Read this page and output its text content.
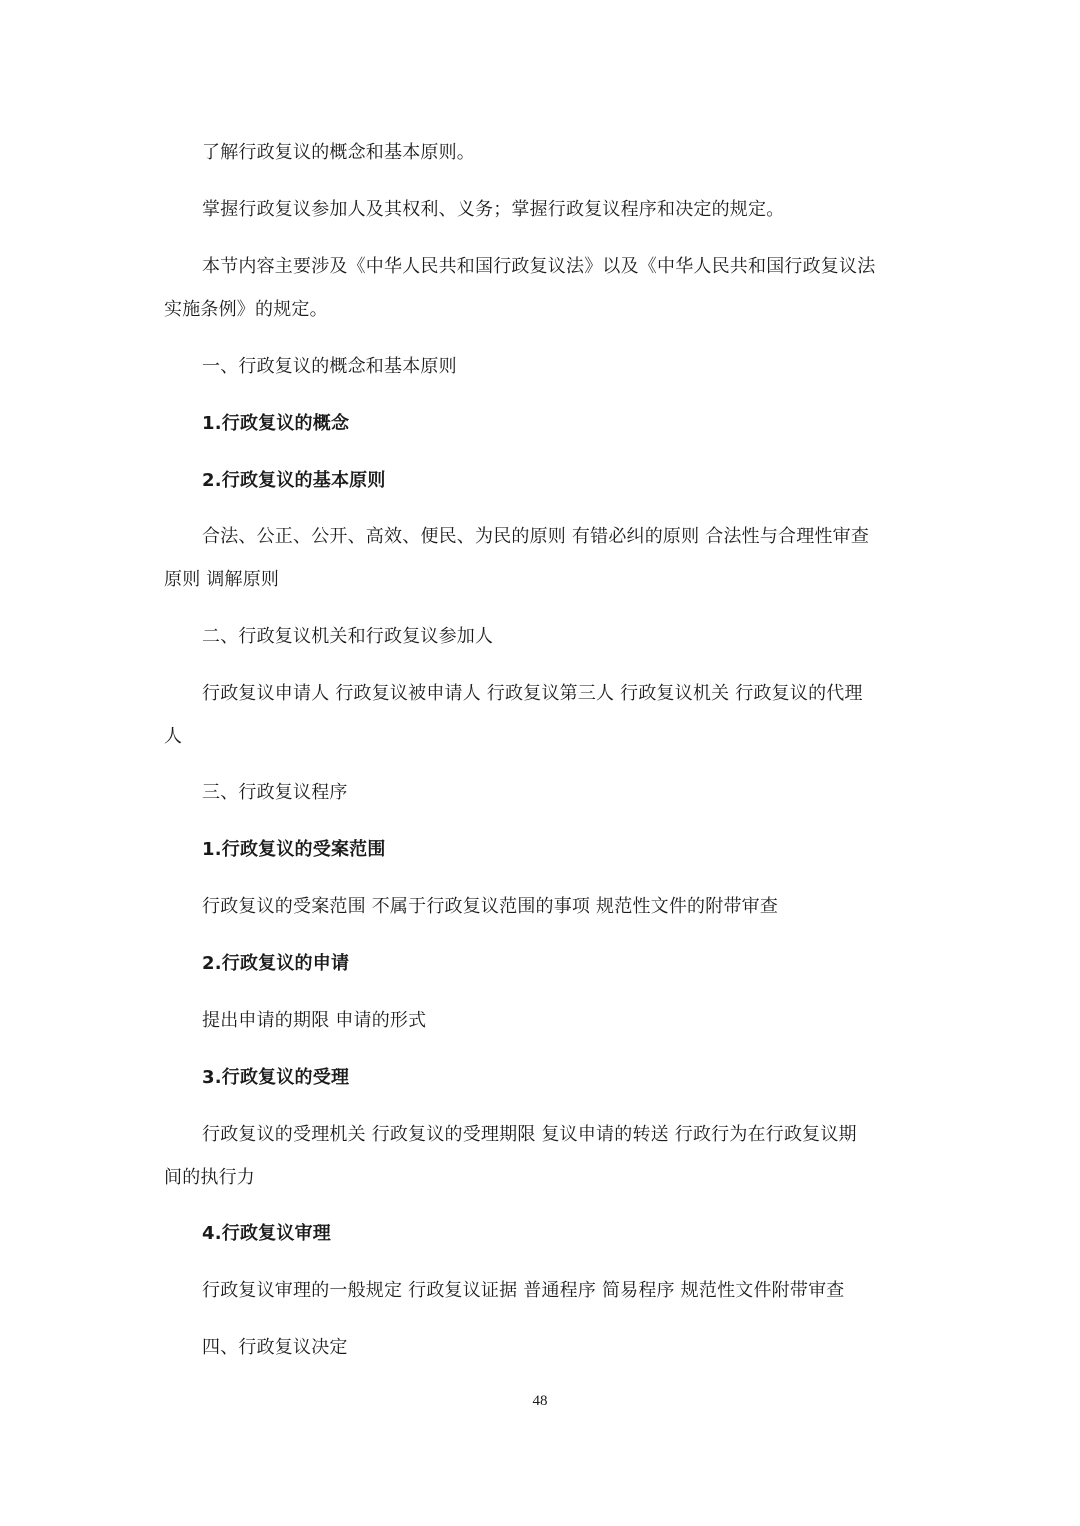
了解行政复议的概念和基本原则。
掌握行政复议参加人及其权利、义务；掌握行政复议程序和决定的规定。
本节内容主要涉及《中华人民共和国行政复议法》以及《中华人民共和国行政复议法
实施条例》的规定。
一、行政复议的概念和基本原则
1.行政复议的概念
2.行政复议的基本原则
合法、公正、公开、高效、便民、为民的原则 有错必纠的原则 合法性与合理性审查
原则 调解原则
二、行政复议机关和行政复议参加人
行政复议申请人 行政复议被申请人 行政复议第三人 行政复议机关 行政复议的代理
人
三、行政复议程序
1.行政复议的受案范围
行政复议的受案范围 不属于行政复议范围的事项 规范性文件的附带审查
2.行政复议的申请
提出申请的期限 申请的形式
3.行政复议的受理
行政复议的受理机关 行政复议的受理期限 复议申请的转送 行政行为在行政复议期
间的执行力
4.行政复议审理
行政复议审理的一般规定 行政复议证据 普通程序 简易程序 规范性文件附带审查
四、行政复议决定
48
